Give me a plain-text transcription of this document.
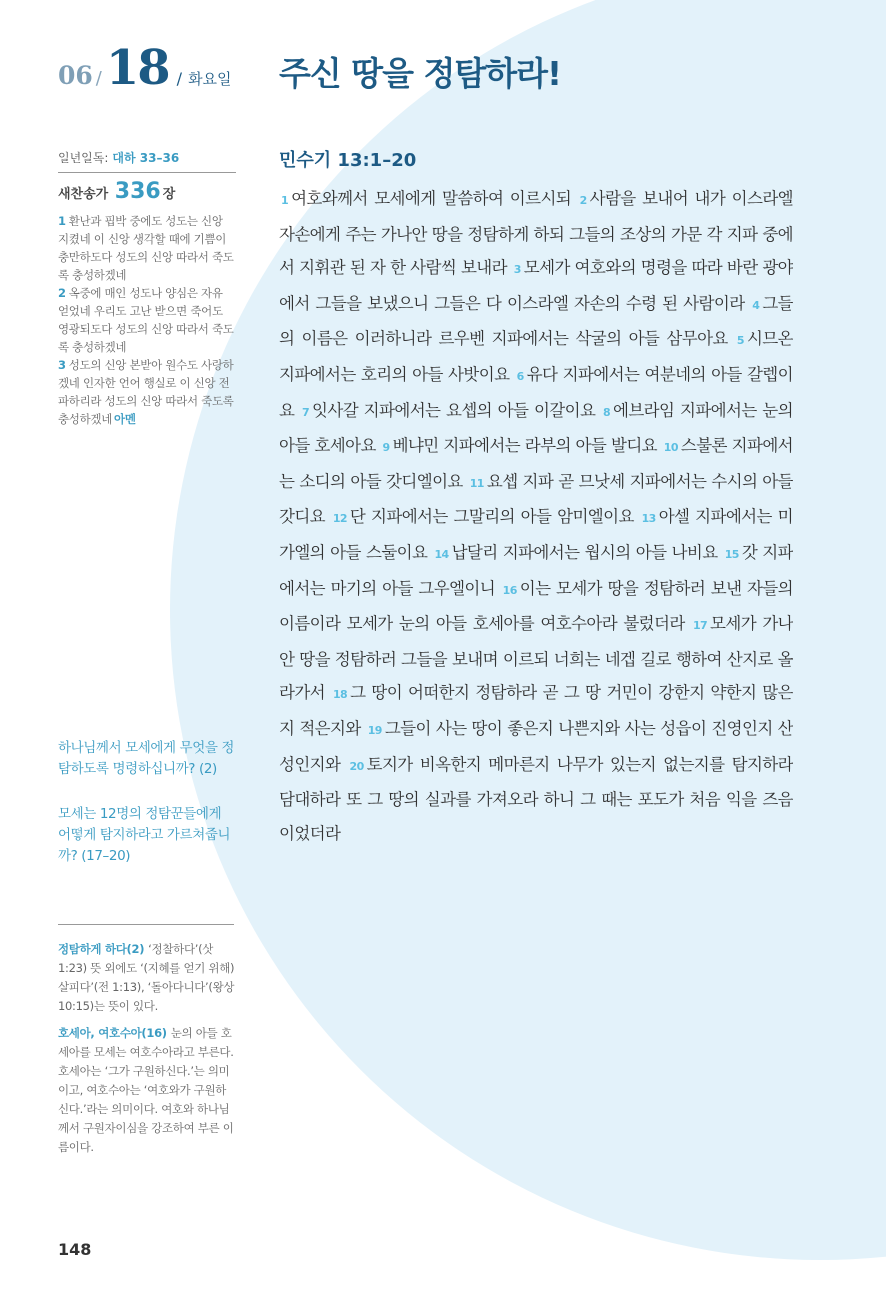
06 / 18 / 화요일 주신 땅을 정탐하라!
일년일독: 대하 33–36
새찬송가 336 장
1 환난과 핍박 중에도 성도는 신앙 지켰네 이 신앙 생각할 때에 기쁨이 충만하도다 성도의 신앙 따라서 죽도록 충성하겠네
2 옥중에 매인 성도나 양심은 자유 얻었네 우리도 고난 받으면 죽어도 영광되도다 성도의 신앙 따라서 죽도록 충성하겠네
3 성도의 신앙 본받아 원수도 사랑하겠네 인자한 언어 행실로 이 신앙 전파하리라 성도의 신앙 따라서 죽도록 충성하겠네 아멘

하나님께서 모세에게 무엇을 정탐하도록 명령하십니까? (2)

모세는 12명의 정탐꾼들에게 어떻게 탐지하라고 가르쳐줍니까? (17–20)

정탐하게 하다(2) ‘정찰하다’(삿 1:23) 뜻 외에도 ‘(지혜를 얻기 위해) 살피다’(전 1:13), ‘돌아다니다’(왕상 10:15)는 뜻이 있다.

호세아, 여호수아(16) 눈의 아들 호세아를 모세는 여호수아라고 부른다. 호세아는 ‘그가 구원하신다.’는 의미이고, 여호수아는 ‘여호와가 구원하신다.’라는 의미이다. 여호와 하나님께서 구원자이심을 강조하여 부른 이름이다.

148
민수기 13:1–20
1 여호와께서 모세에게 말씀하여 이르시되 2 사람을 보내어 내가 이스라엘 자손에게 주는 가나안 땅을 정탐하게 하되 그들의 조상의 가문 각 지파 중에서 지휘관 된 자 한 사람씩 보내라 3 모세가 여호와의 명령을 따라 바란 광야에서 그들을 보냈으니 그들은 다 이스라엘 자손의 수령 된 사람이라 4 그들의 이름은 이러하니라 르우벤 지파에서는 삭굴의 아들 삼무아요 5 시므온 지파에서는 호리의 아들 사밧이요 6 유다 지파에서는 여분네의 아들 갈렙이요 7 잇사갈 지파에서는 요셉의 아들 이갈이요 8 에브라임 지파에서는 눈의 아들 호세아요 9 베냐민 지파에서는 라부의 아들 발디요 10 스불론 지파에서는 소디의 아들 갓디엘이요 11 요셉 지파 곧 므낫세 지파에서는 수시의 아들 갓디요 12 단 지파에서는 그말리의 아들 암미엘이요 13 아셀 지파에서는 미가엘의 아들 스둘이요 14 납달리 지파에서는 웝시의 아들 나비요 15 갓 지파에서는 마기의 아들 그우엘이니 16 이는 모세가 땅을 정탐하러 보낸 자들의 이름이라 모세가 눈의 아들 호세아를 여호수아라 불렀더라 17 모세가 가나안 땅을 정탐하러 그들을 보내며 이르되 너희는 네겝 길로 행하여 산지로 올라가서 18 그 땅이 어떠한지 정탐하라 곧 그 땅 거민이 강한지 약한지 많은지 적은지와 19 그들이 사는 땅이 좋은지 나쁜지와 사는 성읍이 진영인지 산성인지와 20 토지가 비옥한지 메마른지 나무가 있는지 없는지를 탐지하라 담대하라 또 그 땅의 실과를 가져오라 하니 그 때는 포도가 처음 익을 즈음이었더라
